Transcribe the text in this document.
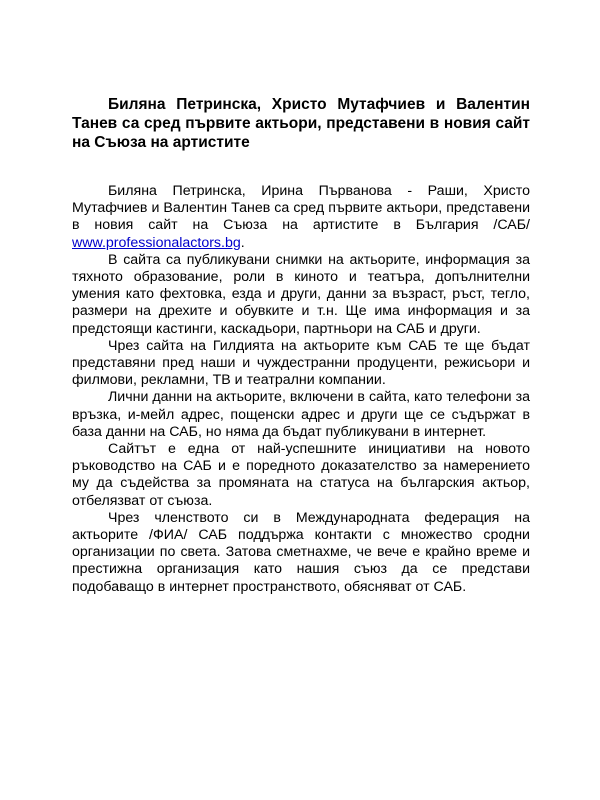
Биляна Петринска, Христо Мутафчиев и Валентин Танев са сред първите актьори, представени в новия сайт на Съюза на артистите

Биляна Петринска, Ирина Първанова - Раши, Христо Мутафчиев и Валентин Танев са сред първите актьори, представени в новия сайт на Съюза на артистите в България /САБ/ www.professionalactors.bg.

В сайта са публикувани снимки на актьорите, информация за тяхното образование, роли в киното и театъра, допълнителни умения като фехтовка, езда и други, данни за възраст, ръст, тегло, размери на дрехите и обувките и т.н. Ще има информация и за предстоящи кастинги, каскадьори, партньори на САБ и други.

Чрез сайта на Гилдията на актьорите към САБ те ще бъдат представяни пред наши и чуждестранни продуценти, режисьори и филмови, рекламни, ТВ и театрални компании.

Лични данни на актьорите, включени в сайта, като телефони за връзка, и-мейл адрес, пощенски адрес и други ще се съдържат в база данни на САБ, но няма да бъдат публикувани в интернет.

Сайтът е една от най-успешните инициативи на новото ръководство на САБ и е поредното доказателство за намерението му да съдейства за промяната на статуса на българския актьор, отбелязват от съюза.

Чрез членството си в Международната федерация на актьорите /ФИА/ САБ поддържа контакти с множество сродни организации по света. Затова сметнахме, че вече е крайно време и престижна организация като нашия съюз да се представи подобаващо в интернет пространството, обясняват от САБ.
